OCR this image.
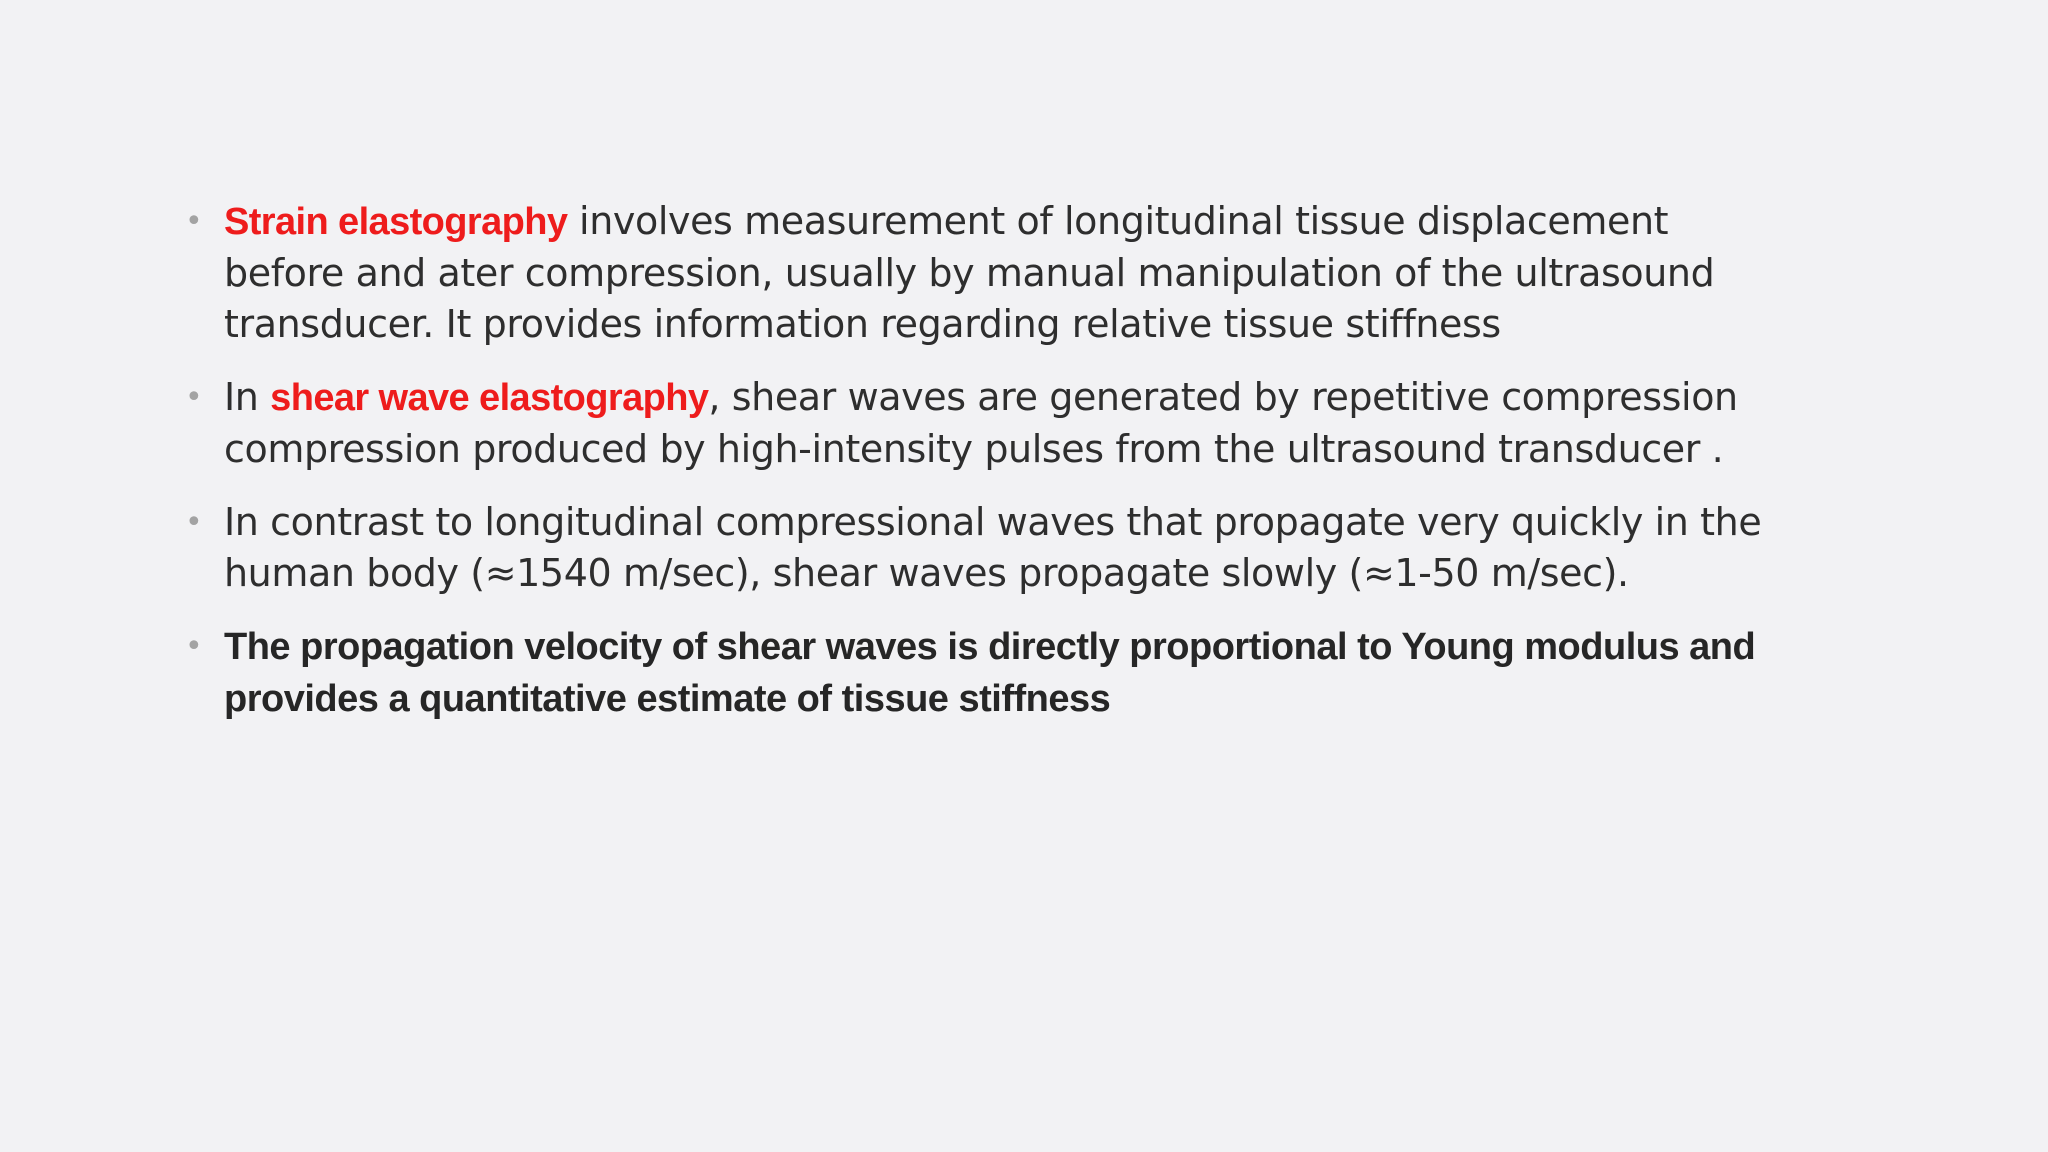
• Strain elastography involves measurement of longitudinal tissue displacement before and ater compression, usually by manual manipulation of the ultrasound transducer. It provides information regarding relative tissue stiffness

• In shear wave elastography, shear waves are generated by repetitive compression compression produced by high-intensity pulses from the ultrasound transducer .

• In contrast to longitudinal compressional waves that propagate very quickly in the human body (≈1540 m/sec), shear waves propagate slowly (≈1-50 m/sec).

• The propagation velocity of shear waves is directly proportional to Young modulus and provides a quantitative estimate of tissue stiffness
